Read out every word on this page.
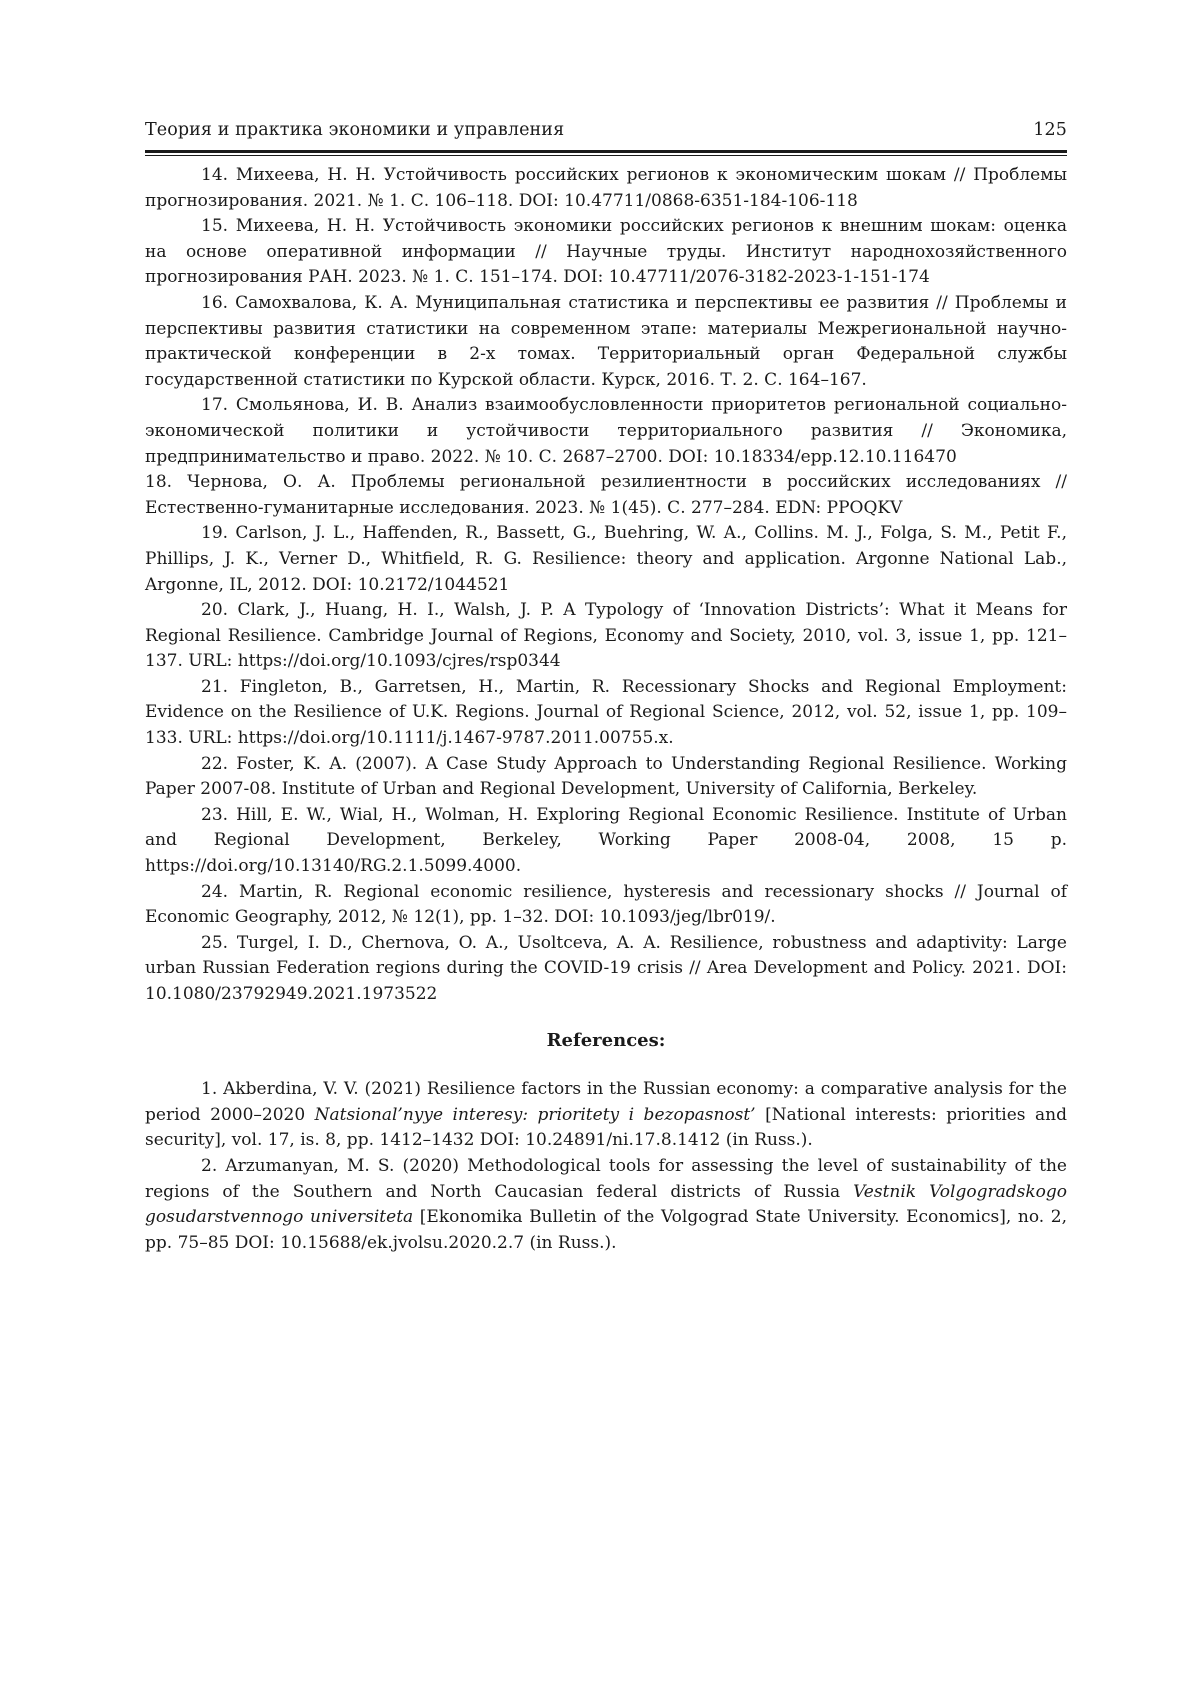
Теория и практика экономики и управления	125

14. Михеева, Н. Н. Устойчивость российских регионов к экономическим шокам // Проблемы прогнозирования. 2021. № 1. С. 106–118. DOI: 10.47711/0868-6351-184-106-118

15. Михеева, Н. Н. Устойчивость экономики российских регионов к внешним шокам: оценка на основе оперативной информации // Научные труды. Институт народнохозяйственного прогнозирования РАН. 2023. № 1. С. 151–174. DOI: 10.47711/2076-3182-2023-1-151-174

16. Самохвалова, К. А. Муниципальная статистика и перспективы ее развития // Проблемы и перспективы развития статистики на современном этапе: материалы Межрегиональной научно-практической конференции в 2-х томах. Территориальный орган Федеральной службы государственной статистики по Курской области. Курск, 2016. Т. 2. С. 164–167.

17. Смольянова, И. В. Анализ взаимообусловленности приоритетов региональной социально-экономической политики и устойчивости территориального развития // Экономика, предпринимательство и право. 2022. № 10. С. 2687–2700. DOI: 10.18334/epp.12.10.116470

18. Чернова, О. А. Проблемы региональной резилиентности в российских исследованиях // Естественно-гуманитарные исследования. 2023. № 1(45). С. 277–284. EDN: PPOQKV

19. Carlson, J. L., Haffenden, R., Bassett, G., Buehring, W. A., Collins. M. J., Folga, S. M., Petit F., Phillips, J. K., Verner D., Whitfield, R. G. Resilience: theory and application. Argonne National Lab., Argonne, IL, 2012. DOI: 10.2172/1044521

20. Clark, J., Huang, H. I., Walsh, J. P. A Typology of ‘Innovation Districts’: What it Means for Regional Resilience. Cambridge Journal of Regions, Economy and Society, 2010, vol. 3, issue 1, pp. 121–137. URL: https://doi.org/10.1093/cjres/rsp0344

21. Fingleton, B., Garretsen, H., Martin, R. Recessionary Shocks and Regional Employment: Evidence on the Resilience of U.K. Regions. Journal of Regional Science, 2012, vol. 52, issue 1, pp. 109–133. URL: https://doi.org/10.1111/j.1467-9787.2011.00755.x.

22. Foster, K. A. (2007). A Case Study Approach to Understanding Regional Resilience. Working Paper 2007-08. Institute of Urban and Regional Development, University of California, Berkeley.

23. Hill, E. W., Wial, H., Wolman, H. Exploring Regional Economic Resilience. Institute of Urban and Regional Development, Berkeley, Working Paper 2008-04, 2008, 15 p. https://doi.org/10.13140/RG.2.1.5099.4000.

24. Martin, R. Regional economic resilience, hysteresis and recessionary shocks // Journal of Economic Geography, 2012, № 12(1), pp. 1–32. DOI: 10.1093/jeg/lbr019/.

25. Turgel, I. D., Chernova, O. A., Usoltceva, A. A. Resilience, robustness and adaptivity: Large urban Russian Federation regions during the COVID-19 crisis // Area Development and Policy. 2021. DOI: 10.1080/23792949.2021.1973522

References:

1. Akberdina, V. V. (2021) Resilience factors in the Russian economy: a comparative analysis for the period 2000–2020 Natsional’nyye interesy: prioritety i bezopasnost’ [National interests: priorities and security], vol. 17, is. 8, pp. 1412–1432 DOI: 10.24891/ni.17.8.1412 (in Russ.).

2. Arzumanyan, M. S. (2020) Methodological tools for assessing the level of sustainability of the regions of the Southern and North Caucasian federal districts of Russia Vestnik Volgogradskogo gosudarstvennogo universiteta [Ekonomika Bulletin of the Volgograd State University. Economics], no. 2, pp. 75–85 DOI: 10.15688/ek.jvolsu.2020.2.7 (in Russ.).
